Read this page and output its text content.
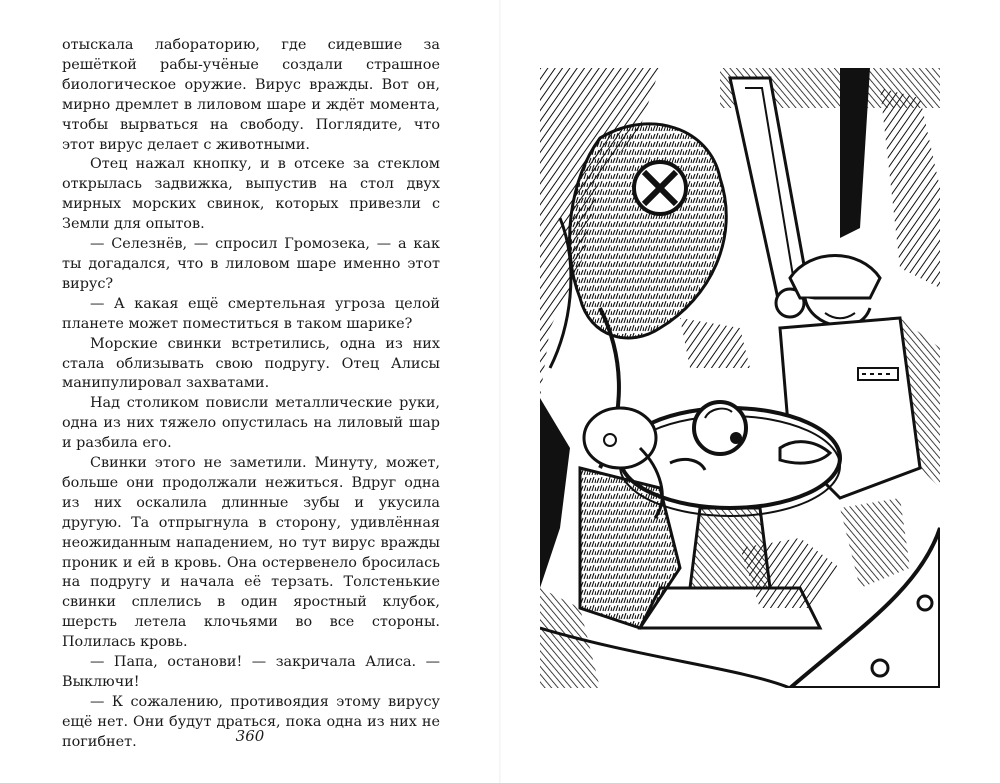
отыскала лабораторию, где сидевшие за решёткой рабы-учёные создали страшное биологическое оружие. Вирус вражды. Вот он, мирно дремлет в лиловом шаре и ждёт момента, чтобы вырваться на свободу. Поглядите, что этот вирус делает с животными.

Отец нажал кнопку, и в отсеке за стеклом открылась задвижка, выпустив на стол двух мирных морских свинок, которых привезли с Земли для опытов.

— Селезнёв, — спросил Громозека, — а как ты догадался, что в лиловом шаре именно этот вирус?

— А какая ещё смертельная угроза целой планете может поместиться в таком шарике?

Морские свинки встретились, одна из них стала облизывать свою подругу. Отец Алисы манипулировал захватами.

Над столиком повисли металлические руки, одна из них тяжело опустилась на лиловый шар и разбила его.

Свинки этого не заметили. Минуту, может, больше они продолжали нежиться. Вдруг одна из них оскалила длинные зубы и укусила другую. Та отпрыгнула в сторону, удивлённая неожиданным нападением, но тут вирус вражды проник и ей в кровь. Она остервенело бросилась на подругу и начала её терзать. Толстенькие свинки сплелись в один яростный клубок, шерсть летела клочьями во все стороны. Полилась кровь.

— Папа, останови! — закричала Алиса. — Выключи!

— К сожалению, противоядия этому вирусу ещё нет. Они будут драться, пока одна из них не погибнет.	360
